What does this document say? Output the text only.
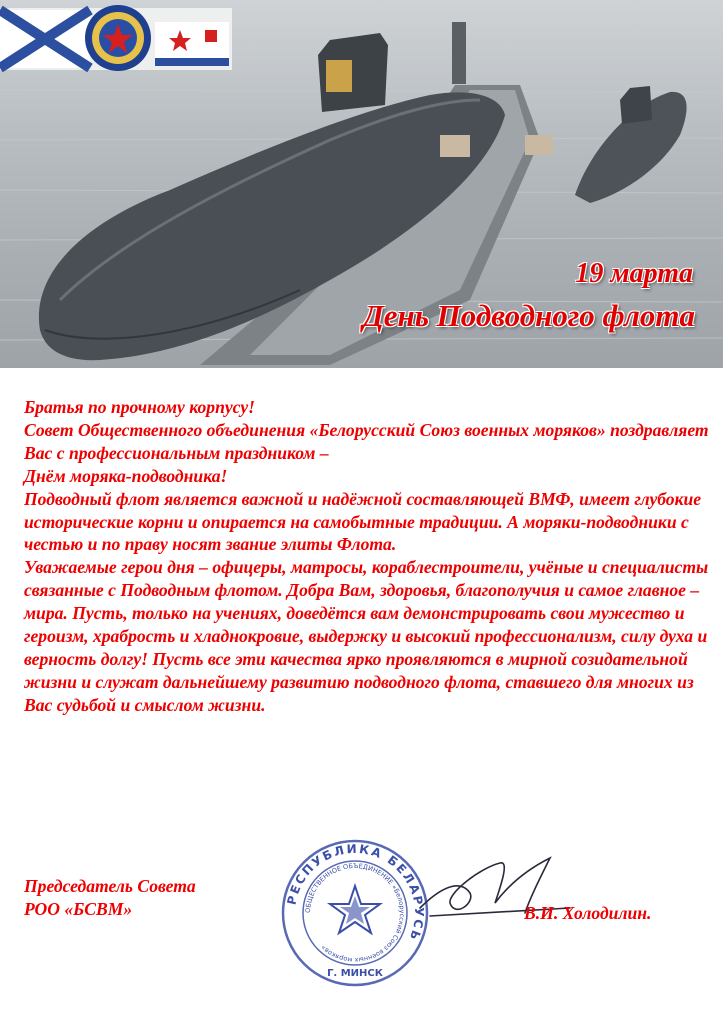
19 марта
День Подводного флота

Братья по прочному корпусу!

Совет Общественного объединения «Белорусский Союз военных моряков» поздравляет Вас с профессиональным праздником –

Днём моряка-подводника!

Подводный флот является важной и надёжной составляющей ВМФ, имеет глубокие исторические корни и опирается на самобытные традиции. А моряки-подводники с честью и по праву носят звание элиты Флота.

Уважаемые герои дня – офицеры, матросы, кораблестроители, учёные и специалисты связанные с Подводным флотом. Добра Вам, здоровья, благополучия и самое главное – мира. Пусть, только на учениях, доведётся вам демонстрировать свои мужество и героизм, храбрость и хладнокровие, выдержку и высокий профессионализм, силу духа и верность долгу! Пусть все эти качества ярко проявляются в мирной созидательной жизни и служат дальнейшему развитию подводного флота, ставшего для многих из Вас судьбой и смыслом жизни.

Председатель Совета
РОО «БСВМ»	РЕСПУБЛИКА БЕЛАРУСЬ
ОБЩЕСТВЕННОЕ ОБЪЕДИНЕНИЕ «Белорусский Союз военных моряков»
Г. МИНСК
В.И. Холодилин.
